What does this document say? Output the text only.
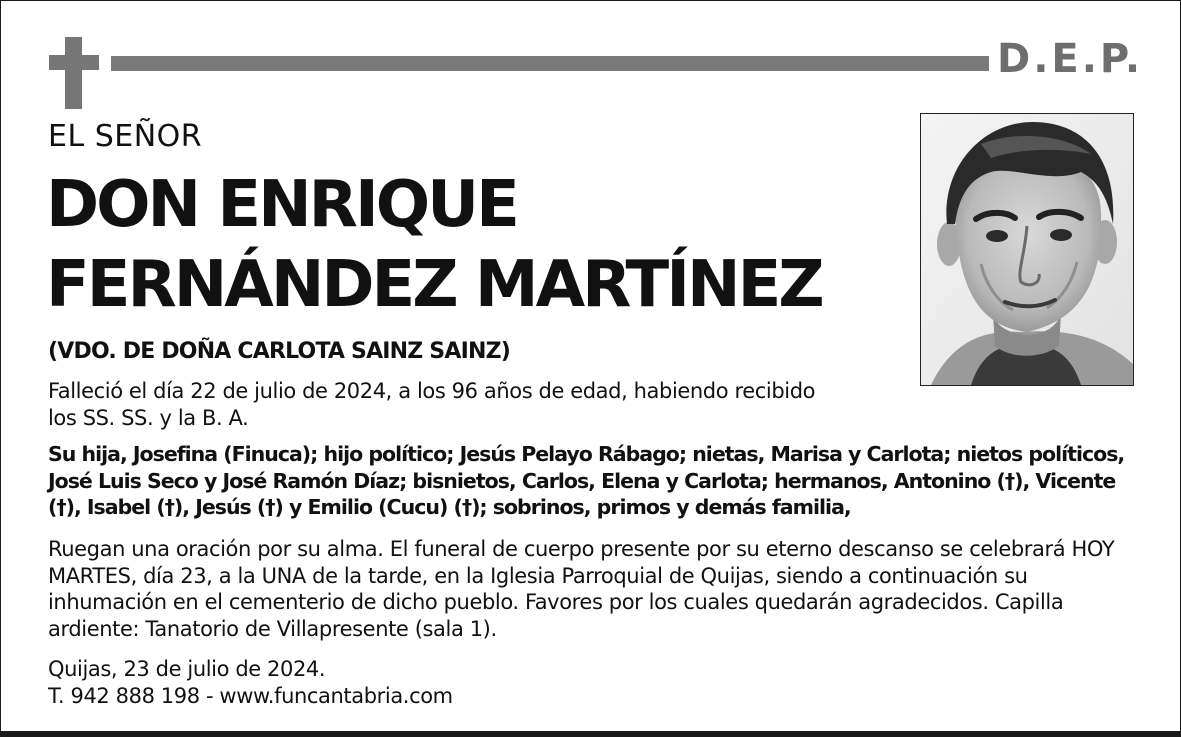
D.E.P.
EL SEÑOR
DON ENRIQUE
FERNÁNDEZ MARTÍNEZ
(VDO. DE DOÑA CARLOTA SAINZ SAINZ)
Falleció el día 22 de julio de 2024, a los 96 años de edad, habiendo recibido los SS. SS. y la B. A.
Su hija, Josefina (Finuca); hijo político; Jesús Pelayo Rábago; nietas, Marisa y Carlota; nietos políticos, José Luis Seco y José Ramón Díaz; bisnietos, Carlos, Elena y Carlota; hermanos, Antonino (†), Vicente (†), Isabel (†), Jesús (†) y Emilio (Cucu) (†); sobrinos, primos y demás familia,
Ruegan una oración por su alma. El funeral de cuerpo presente por su eterno descanso se celebrará HOY MARTES, día 23, a la UNA de la tarde, en la Iglesia Parroquial de Quijas, siendo a continuación su inhumación en el cementerio de dicho pueblo. Favores por los cuales quedarán agradecidos. Capilla ardiente: Tanatorio de Villapresente (sala 1).
Quijas, 23 de julio de 2024.
T. 942 888 198 - www.funcantabria.com
